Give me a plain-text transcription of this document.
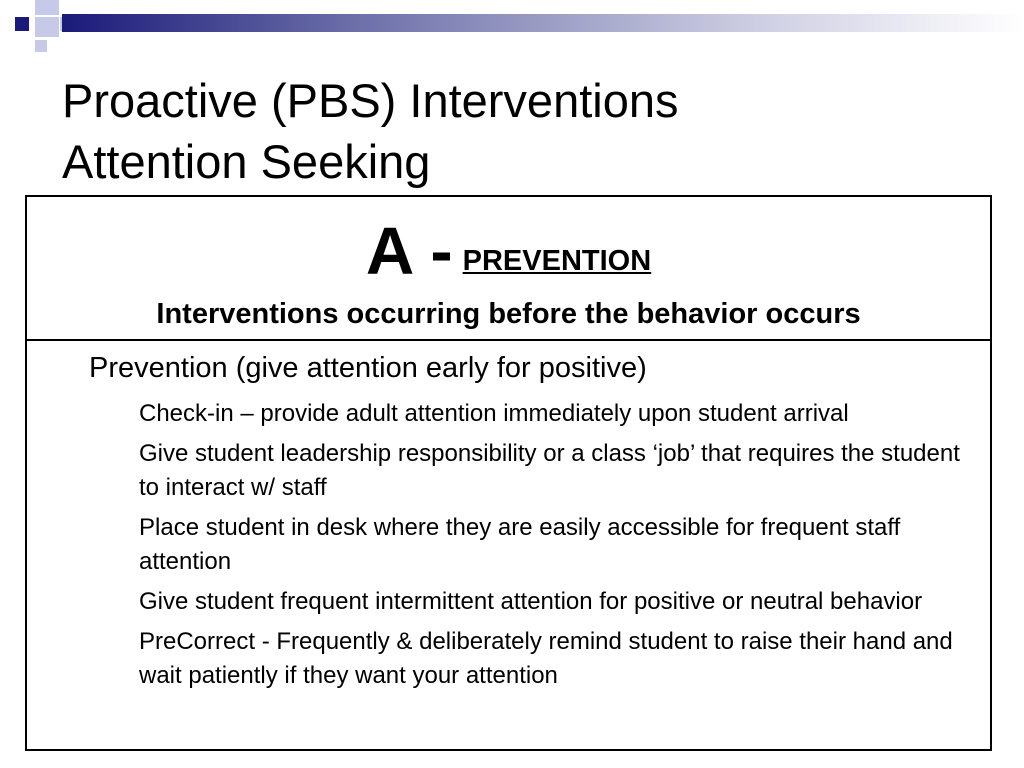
Proactive (PBS) Interventions
Attention Seeking
A - PREVENTION
Interventions occurring before the behavior occurs
Prevention (give attention early for positive)
Check-in – provide adult attention immediately upon student arrival
Give student leadership responsibility or a class ‘job’ that requires the student to interact w/ staff
Place student in desk where they are easily accessible for frequent staff attention
Give student frequent intermittent attention for positive or neutral behavior
PreCorrect - Frequently & deliberately remind student to raise their hand and wait patiently if they want your attention
